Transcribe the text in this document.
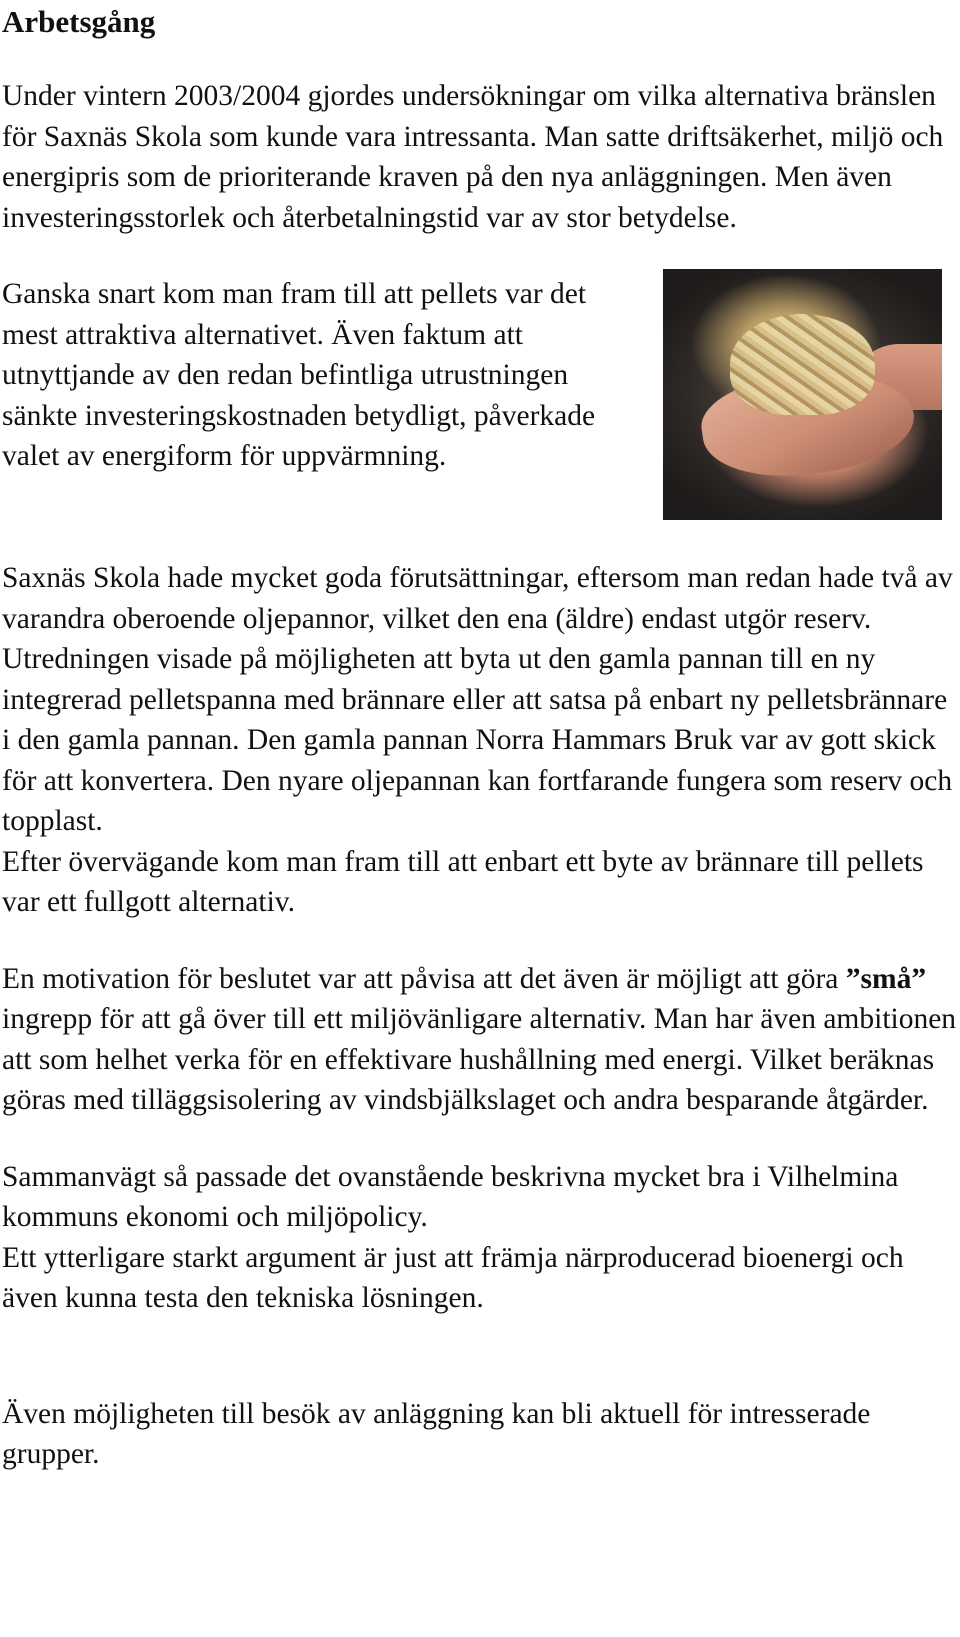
Arbetsgång

Under vintern 2003/2004 gjordes undersökningar om vilka alternativa bränslen för Saxnäs Skola som kunde vara intressanta. Man satte driftsäkerhet, miljö och energipris som de prioriterande kraven på den nya anläggningen. Men även investeringsstorlek och återbetalningstid var av stor betydelse.

Ganska snart kom man fram till att pellets var det mest attraktiva alternativet. Även faktum att utnyttjande av den redan befintliga utrustningen sänkte investeringskostnaden betydligt, påverkade valet av energiform för uppvärmning.

Saxnäs Skola hade mycket goda förutsättningar, eftersom man redan hade två av varandra oberoende oljepannor, vilket den ena (äldre) endast utgör reserv. Utredningen visade på möjligheten att byta ut den gamla pannan till en ny integrerad pelletspanna med brännare eller att satsa på enbart ny pelletsbrännare i den gamla pannan. Den gamla pannan Norra Hammars Bruk var av gott skick för att konvertera. Den nyare oljepannan kan fortfarande fungera som reserv och topplast.

Efter övervägande kom man fram till att enbart ett byte av brännare till pellets var ett fullgott alternativ.

En motivation för beslutet var att påvisa att det även är möjligt att göra ”små” ingrepp för att gå över till ett miljövänligare alternativ. Man har även ambitionen att som helhet verka för en effektivare hushållning med energi. Vilket beräknas göras med tilläggsisolering av vindsbjälkslaget och andra besparande åtgärder.

Sammanvägt så passade det ovanstående beskrivna mycket bra i Vilhelmina kommuns ekonomi och miljöpolicy.

Ett ytterligare starkt argument är just att främja närproducerad bioenergi och även kunna testa den tekniska lösningen.

Även möjligheten till besök av anläggning kan bli aktuell för intresserade grupper.
